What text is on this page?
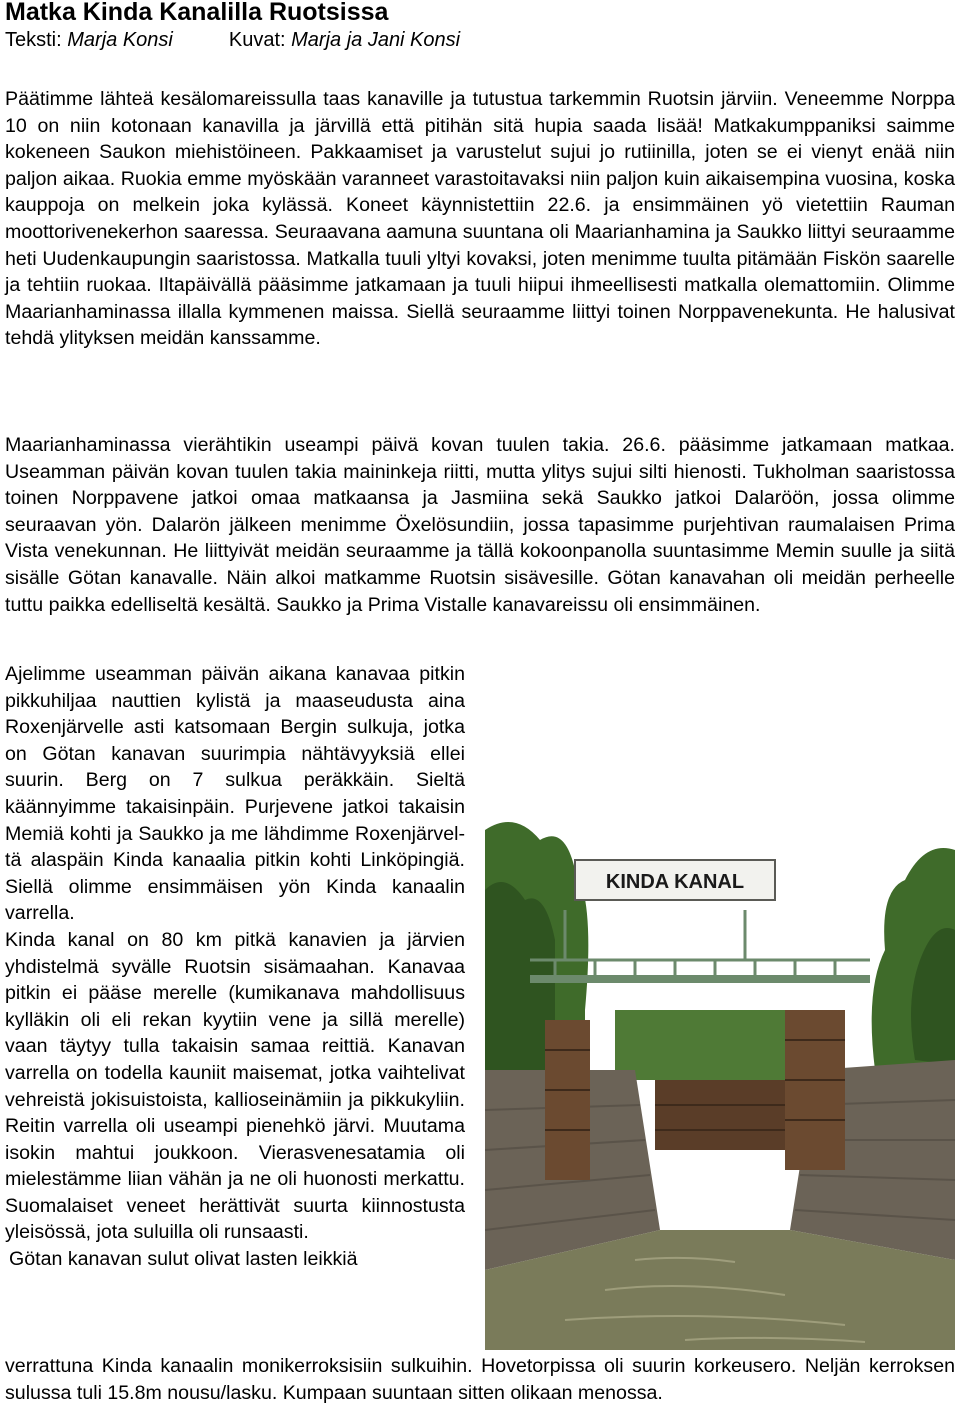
Matka Kinda Kanalilla Ruotsissa
Teksti: Marja Konsi	Kuvat: Marja ja Jani Konsi

Päätimme lähteä kesälomareissulla taas kanaville ja tutustua tarkemmin Ruotsin järviin. Veneemme Norppa 10 on niin kotonaan kanavilla ja järvillä että pitihän sitä hupia saada lisää! Matkakumppaniksi saimme kokeneen Saukon miehistöineen. Pakkaamiset ja varustelut sujui jo rutiinilla, joten se ei vienyt enää niin paljon aikaa. Ruokia emme myöskään varanneet varastoitavaksi niin paljon kuin aikaisempina vuosina, koska kauppoja on melkein joka kylässä. Koneet käynnistettiin 22.6. ja ensimmäinen yö vietettiin Rauman moottorivenekerhon saaressa. Seuraavana aamuna suuntana oli Maarianhamina ja Saukko liittyi seuraamme heti Uudenkaupungin saaristossa. Matkalla tuuli yltyi kovaksi, joten menimme tuulta pitämään Fiskön saarelle ja tehtiin ruokaa. Iltapäivällä pääsimme jatkamaan ja tuuli hiipui ihmeellisesti matkalla olemattomiin. Olimme Maarianhaminassa illalla kymmenen maissa. Siellä seuraamme liittyi toinen Norppavenekunta. He halusivat tehdä ylityksen meidän kanssamme.

Maarianhaminassa vierähtikin useampi päivä kovan tuulen takia. 26.6. pääsimme jatkamaan matkaa. Useamman päivän kovan tuulen takia maininkeja riitti, mutta ylitys sujui silti hienosti. Tukholman saaristossa toinen Norppavene jatkoi omaa matkaansa ja Jasmiina sekä Saukko jatkoi Dalaröön, jossa olimme seuraavan yön. Dalarön jälkeen menimme Öxelösundiin, jossa tapasimme purjehtivan raumalaisen Prima Vista venekunnan. He liittyivät meidän seuraamme ja tällä kokoonpanolla suuntasimme Memin suulle ja siitä sisälle Götan kanavalle. Näin alkoi matkamme Ruotsin sisävesille. Götan kanavahan oli meidän perheelle tuttu paikka edelliseltä kesältä. Saukko ja Prima Vistalle kanavareissu oli ensimmäinen.

Ajelimme useamman päivän aikana kanavaa pitkin pikkuhiljaa nauttien kylistä ja maaseudusta aina Roxenjärvelle asti katsomaan Bergin sulkuja, jotka on Götan kanavan suurimpia nähtävyyksiä ellei suurin. Berg on 7 sulkua peräkkäin. Sieltä käännyimme takaisinpäin. Purjevene jatkoi takaisin Memiä kohti ja Saukko ja me lähdimme Roxenjärveltä alaspäin Kinda kanaalia pitkin kohti Linköpingiä. Siellä olimme ensimmäisen yön Kinda kanaalin varrella.

Kinda kanal on 80 km pitkä kanavien ja järvien yhdistelmä syvälle Ruotsin sisämaahan. Kanavaa pitkin ei pääse merelle (kumikanava mahdollisuus kylläkin oli eli rekan kyytiin vene ja sillä merelle) vaan täytyy tulla takaisin samaa reittiä. Kanavan varrella on todella kauniit maisemat, jotka vaihtelivat vehreistä jokisuistoista, kallioseinämiin ja pikkukyliin. Reitin varrella oli useampi pienehkö järvi. Muutama isokin mahtui joukkoon. Vierasvenesatamia oli mielestämme liian vähän ja ne oli huonosti merkattu. Suomalaiset veneet herättivät suurta kiinnostusta yleisössä, jota suluilla oli runsaasti.

Götan kanavan sulut olivat lasten leikkiä

verrattuna Kinda kanaalin monikerroksisiin sulkuihin. Hovetorpissa oli suurin korkeusero. Neljän kerroksen sulussa tuli 15.8m nousu/lasku. Kumpaan suuntaan sitten olikaan menossa.

KINDA KANAL
